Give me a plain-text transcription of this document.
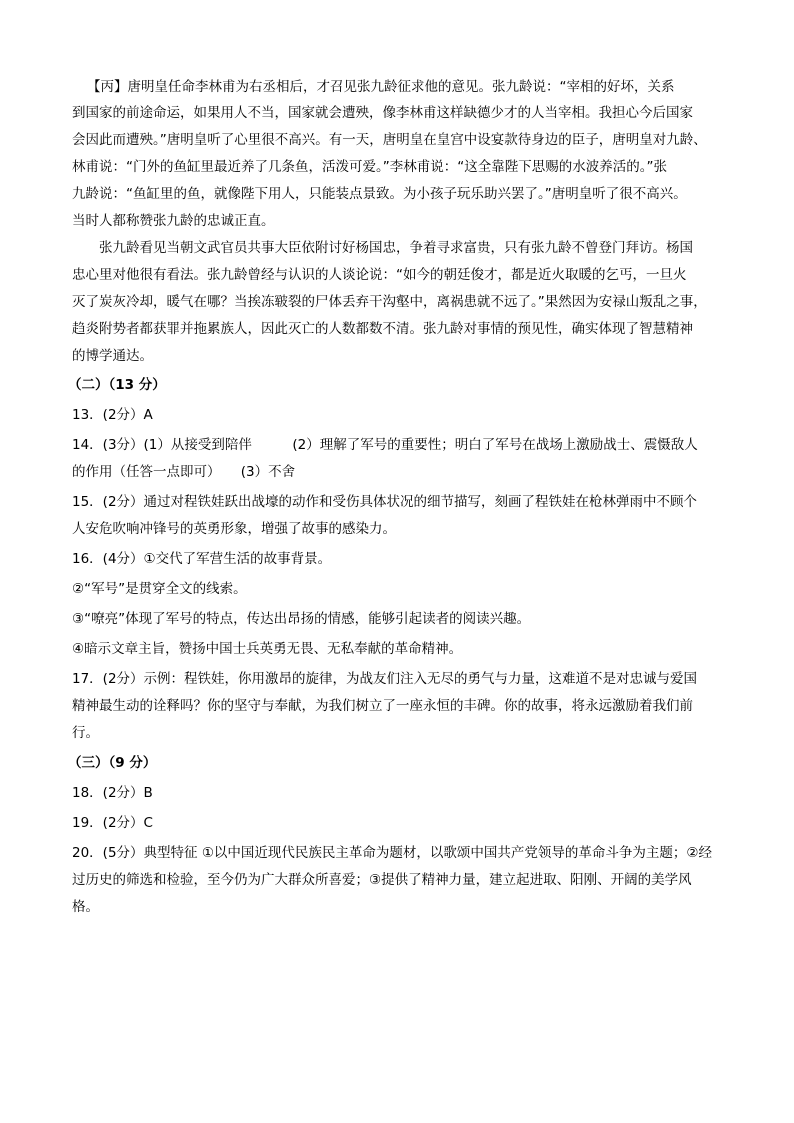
【丙】唐明皇任命李林甫为右丞相后，才召见张九龄征求他的意见。张九龄说：“宰相的好坏，关系
到国家的前途命运，如果用人不当，国家就会遭殃，像李林甫这样缺德少才的人当宰相。我担心今后国家
会因此而遭殃。”唐明皇听了心里很不高兴。有一天，唐明皇在皇宫中设宴款待身边的臣子，唐明皇对九龄、
林甫说：“门外的鱼缸里最近养了几条鱼，活泼可爱。”李林甫说：“这全靠陛下思赐的水波养活的。”张
九龄说：“鱼缸里的鱼，就像陛下用人，只能装点景致。为小孩子玩乐助兴罢了。”唐明皇听了很不高兴。
当时人都称赞张九龄的忠诚正直。
张九龄看见当朝文武官员共事大臣依附讨好杨国忠，争着寻求富贵，只有张九龄不曾登门拜访。杨国
忠心里对他很有看法。张九龄曾经与认识的人谈论说：“如今的朝廷俊才，都是近火取暖的乞丐，一旦火
灭了炭灰冷却，暖气在哪？当挨冻皲裂的尸体丢弃干沟壑中，离祸患就不远了。”果然因为安禄山叛乱之事，
趋炎附势者都获罪并拖累族人，因此灭亡的人数都数不清。张九龄对事情的预见性，确实体现了智慧精神
的博学通达。
（二）（13 分）
13．(2分）A
14．(3分）(1）从接受到陪伴　　　(2）理解了军号的重要性；明白了军号在战场上激励战士、震慑敌人
的作用（任答一点即可）　　(3）不舍
15．(2分）通过对程铁娃跃出战壕的动作和受伤具体状况的细节描写，刻画了程铁娃在枪林弹雨中不顾个
人安危吹响冲锋号的英勇形象，增强了故事的感染力。
16．(4分）①交代了军营生活的故事背景。
②“军号”是贯穿全文的线索。
③“嘹亮”体现了军号的特点，传达出昂扬的情感，能够引起读者的阅读兴趣。
④暗示文章主旨，赞扬中国士兵英勇无畏、无私奉献的革命精神。
17．(2分）示例：程铁娃，你用激昂的旋律，为战友们注入无尽的勇气与力量，这难道不是对忠诚与爱国
精神最生动的诠释吗？你的坚守与奉献，为我们树立了一座永恒的丰碑。你的故事，将永远激励着我们前
行。
（三）（9 分）
18．(2分）B
19．(2分）C
20．(5分）典型特征 ①以中国近现代民族民主革命为题材，以歌颂中国共产党领导的革命斗争为主题；②经
过历史的筛选和检验，至今仍为广大群众所喜爱；③提供了精神力量，建立起进取、阳刚、开阔的美学风
格。
